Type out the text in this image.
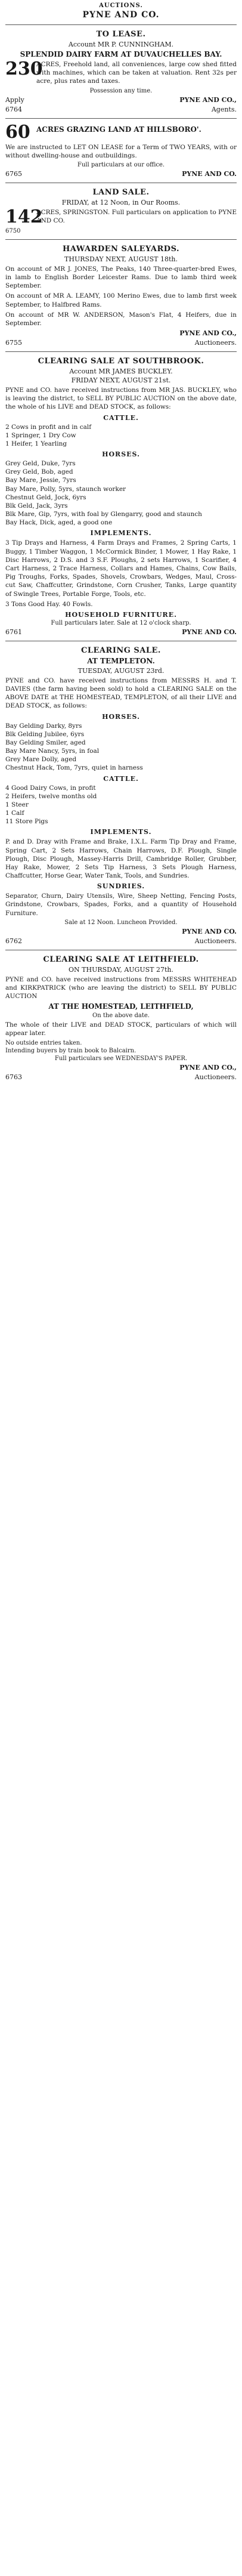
AUCTIONS.
PYNE AND CO.
TO LEASE.
Account MR P. CUNNINGHAM.
SPLENDID DAIRY FARM AT DUVAUCHELLES BAY.
230
ACRES, Freehold land, all conveniences, large cow shed fitted with machines, which can be taken at valuation. Rent 32s per acre, plus rates and taxes.
Possession any time.
Apply	PYNE AND CO.,
6764	Agents.
60 ACRES GRAZING LAND AT HILLSBORO'.
We are instructed to LET ON LEASE for a Term of TWO YEARS, with or without dwelling-house and outbuildings.
Full particulars at our office.
6765	PYNE AND CO.
LAND SALE.
FRIDAY, at 12 Noon, in Our Rooms.
142
ACRES, SPRINGSTON. Full particulars on application to PYNE AND CO.
6750
HAWARDEN SALEYARDS.
THURSDAY NEXT, AUGUST 18th.
On account of MR J. JONES, The Peaks, 140 Three-quarter-bred Ewes, in lamb to English Border Leicester Rams. Due to lamb third week September.
On account of MR A. LEAMY, 100 Merino Ewes, due to lamb first week September, to Halfbred Rams.
On account of MR W. ANDERSON, Mason's Flat, 4 Heifers, due in September.
PYNE AND CO.,
6755	Auctioneers.
CLEARING SALE AT SOUTHBROOK.
Account MR JAMES BUCKLEY.
FRIDAY NEXT, AUGUST 21st.
PYNE and CO. have received instructions from MR JAS. BUCKLEY, who is leaving the district, to SELL BY PUBLIC AUCTION on the above date, the whole of his LIVE and DEAD STOCK, as follows:
CATTLE.
2 Cows in profit and in calf
1 Springer, 1 Dry Cow
1 Heifer, 1 Yearling
HORSES.
Grey Geld, Duke, 7yrs
Grey Geld, Bob, aged
Bay Mare, Jessie, 7yrs
Bay Mare, Polly, 5yrs, staunch worker
Chestnut Geld, Jock, 6yrs
Blk Geld, Jack, 3yrs
Blk Mare, Gip, 7yrs, with foal by Glengarry, good and staunch
Bay Hack, Dick, aged, a good one
IMPLEMENTS.
3 Tip Drays and Harness, 4 Farm Drays and Frames, 2 Spring Carts, 1 Buggy, 1 Timber Waggon, 1 McCormick Binder, 1 Mower, 1 Hay Rake, 1 Disc Harrows, 2 D.S. and 3 S.F. Ploughs, 2 sets Harrows, 1 Scarifier, 4 Cart Harness, 2 Trace Harness, Collars and Hames, Chains, Cow Bails, Pig Troughs, Forks, Spades, Shovels, Crowbars, Wedges, Maul, Cross-cut Saw, Chaffcutter, Grindstone, Corn Crusher, Tanks, Large quantity of Swingle Trees, Portable Forge, Tools, etc.
3 Tons Good Hay. 40 Fowls.
HOUSEHOLD FURNITURE.
Full particulars later. Sale at 12 o'clock sharp.
6761	PYNE AND CO.
CLEARING SALE.
AT TEMPLETON.
TUESDAY, AUGUST 23rd.
PYNE and CO. have received instructions from MESSRS H. and T. DAVIES (the farm having been sold) to hold a CLEARING SALE on the ABOVE DATE at THE HOMESTEAD, TEMPLETON, of all their LIVE and DEAD STOCK, as follows:
HORSES.
Bay Gelding Darky, 8yrs
Blk Gelding Jubilee, 6yrs
Bay Gelding Smiler, aged
Bay Mare Nancy, 5yrs, in foal
Grey Mare Dolly, aged
Chestnut Hack, Tom, 7yrs, quiet in harness
CATTLE.
4 Good Dairy Cows, in profit
2 Heifers, twelve months old
1 Steer
1 Calf
11 Store Pigs
IMPLEMENTS.
P. and D. Dray with Frame and Brake, I.X.L. Farm Tip Dray and Frame, Spring Cart, 2 Sets Harrows, Chain Harrows, D.F. Plough, Single Plough, Disc Plough, Massey-Harris Drill, Cambridge Roller, Grubber, Hay Rake, Mower, 2 Sets Tip Harness, 3 Sets Plough Harness, Chaffcutter, Horse Gear, Water Tank, Tools, and Sundries.
SUNDRIES.
Separator, Churn, Dairy Utensils, Wire, Sheep Netting, Fencing Posts, Grindstone, Crowbars, Spades, Forks, and a quantity of Household Furniture.
Sale at 12 Noon. Luncheon Provided.
PYNE AND CO.
6762	Auctioneers.
CLEARING SALE AT LEITHFIELD.
ON THURSDAY, AUGUST 27th.
PYNE and CO. have received instructions from MESSRS WHITEHEAD and KIRKPATRICK (who are leaving the district) to SELL BY PUBLIC AUCTION
AT THE HOMESTEAD, LEITHFIELD,
On the above date.
The whole of their LIVE and DEAD STOCK, particulars of which will appear later.
No outside entries taken.
Intending buyers by train book to Balcairn.
Full particulars see WEDNESDAY'S PAPER.
PYNE AND CO.,
6763	Auctioneers.
